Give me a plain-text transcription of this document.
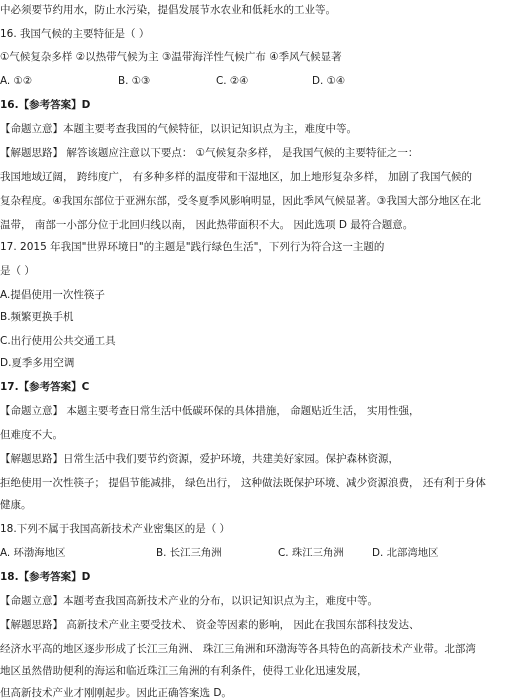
中必须要节约用水，防止水污染，提倡发展节水农业和低耗水的工业等。
16. 我国气候的主要特征是（ ）
①气候复杂多样 ②以热带气候为主 ③温带海洋性气候广布 ④季风气候显著
A. ①②	B. ①③	C. ②④	D. ①④
16.【参考答案】D
【命题立意】本题主要考查我国的气候特征，以识记知识点为主，难度中等。
【解题思路】 解答该题应注意以下要点： ①气候复杂多样， 是我国气候的主要特征之一：
我国地域辽阔， 跨纬度广， 有多种多样的温度带和干湿地区，加上地形复杂多样， 加剧了我国气候的
复杂程度。④我国东部位于亚洲东部，受冬夏季风影响明显，因此季风气候显著。③我国大部分地区在北
温带， 南部一小部分位于北回归线以南， 因此热带面积不大。 因此选项 D 最符合题意。
17. 2015 年我国"世界环境日"的主题是"践行绿色生活"，下列行为符合这一主题的
是（ ）
A.提倡使用一次性筷子
B.频繁更换手机
C.出行使用公共交通工具
D.夏季多用空调
17.【参考答案】C
【命题立意】 本题主要考查日常生活中低碳环保的具体措施， 命题贴近生活， 实用性强，
但难度不大。
【解题思路】日常生活中我们要节约资源，爱护环境，共建美好家园。保护森林资源，
拒绝使用一次性筷子； 提倡节能减排， 绿色出行， 这种做法既保护环境、减少资源浪费， 还有利于身体
健康。
18.下列不属于我国高新技术产业密集区的是（ ）
A. 环渤海地区	B. 长江三角洲	C. 珠江三角洲	D. 北部湾地区
18.【参考答案】D
【命题立意】本题考查我国高新技术产业的分布，以识记知识点为主，难度中等。
【解题思路】 高新技术产业主要受技术、 资金等因素的影响， 因此在我国东部科技发达、
经济水平高的地区逐步形成了长江三角洲、 珠江三角洲和环渤海等各具特色的高新技术产业带。北部湾
地区虽然借助便利的海运和临近珠江三角洲的有利条件，使得工业化迅速发展，
但高新技术产业才刚刚起步。因此正确答案选 D。
